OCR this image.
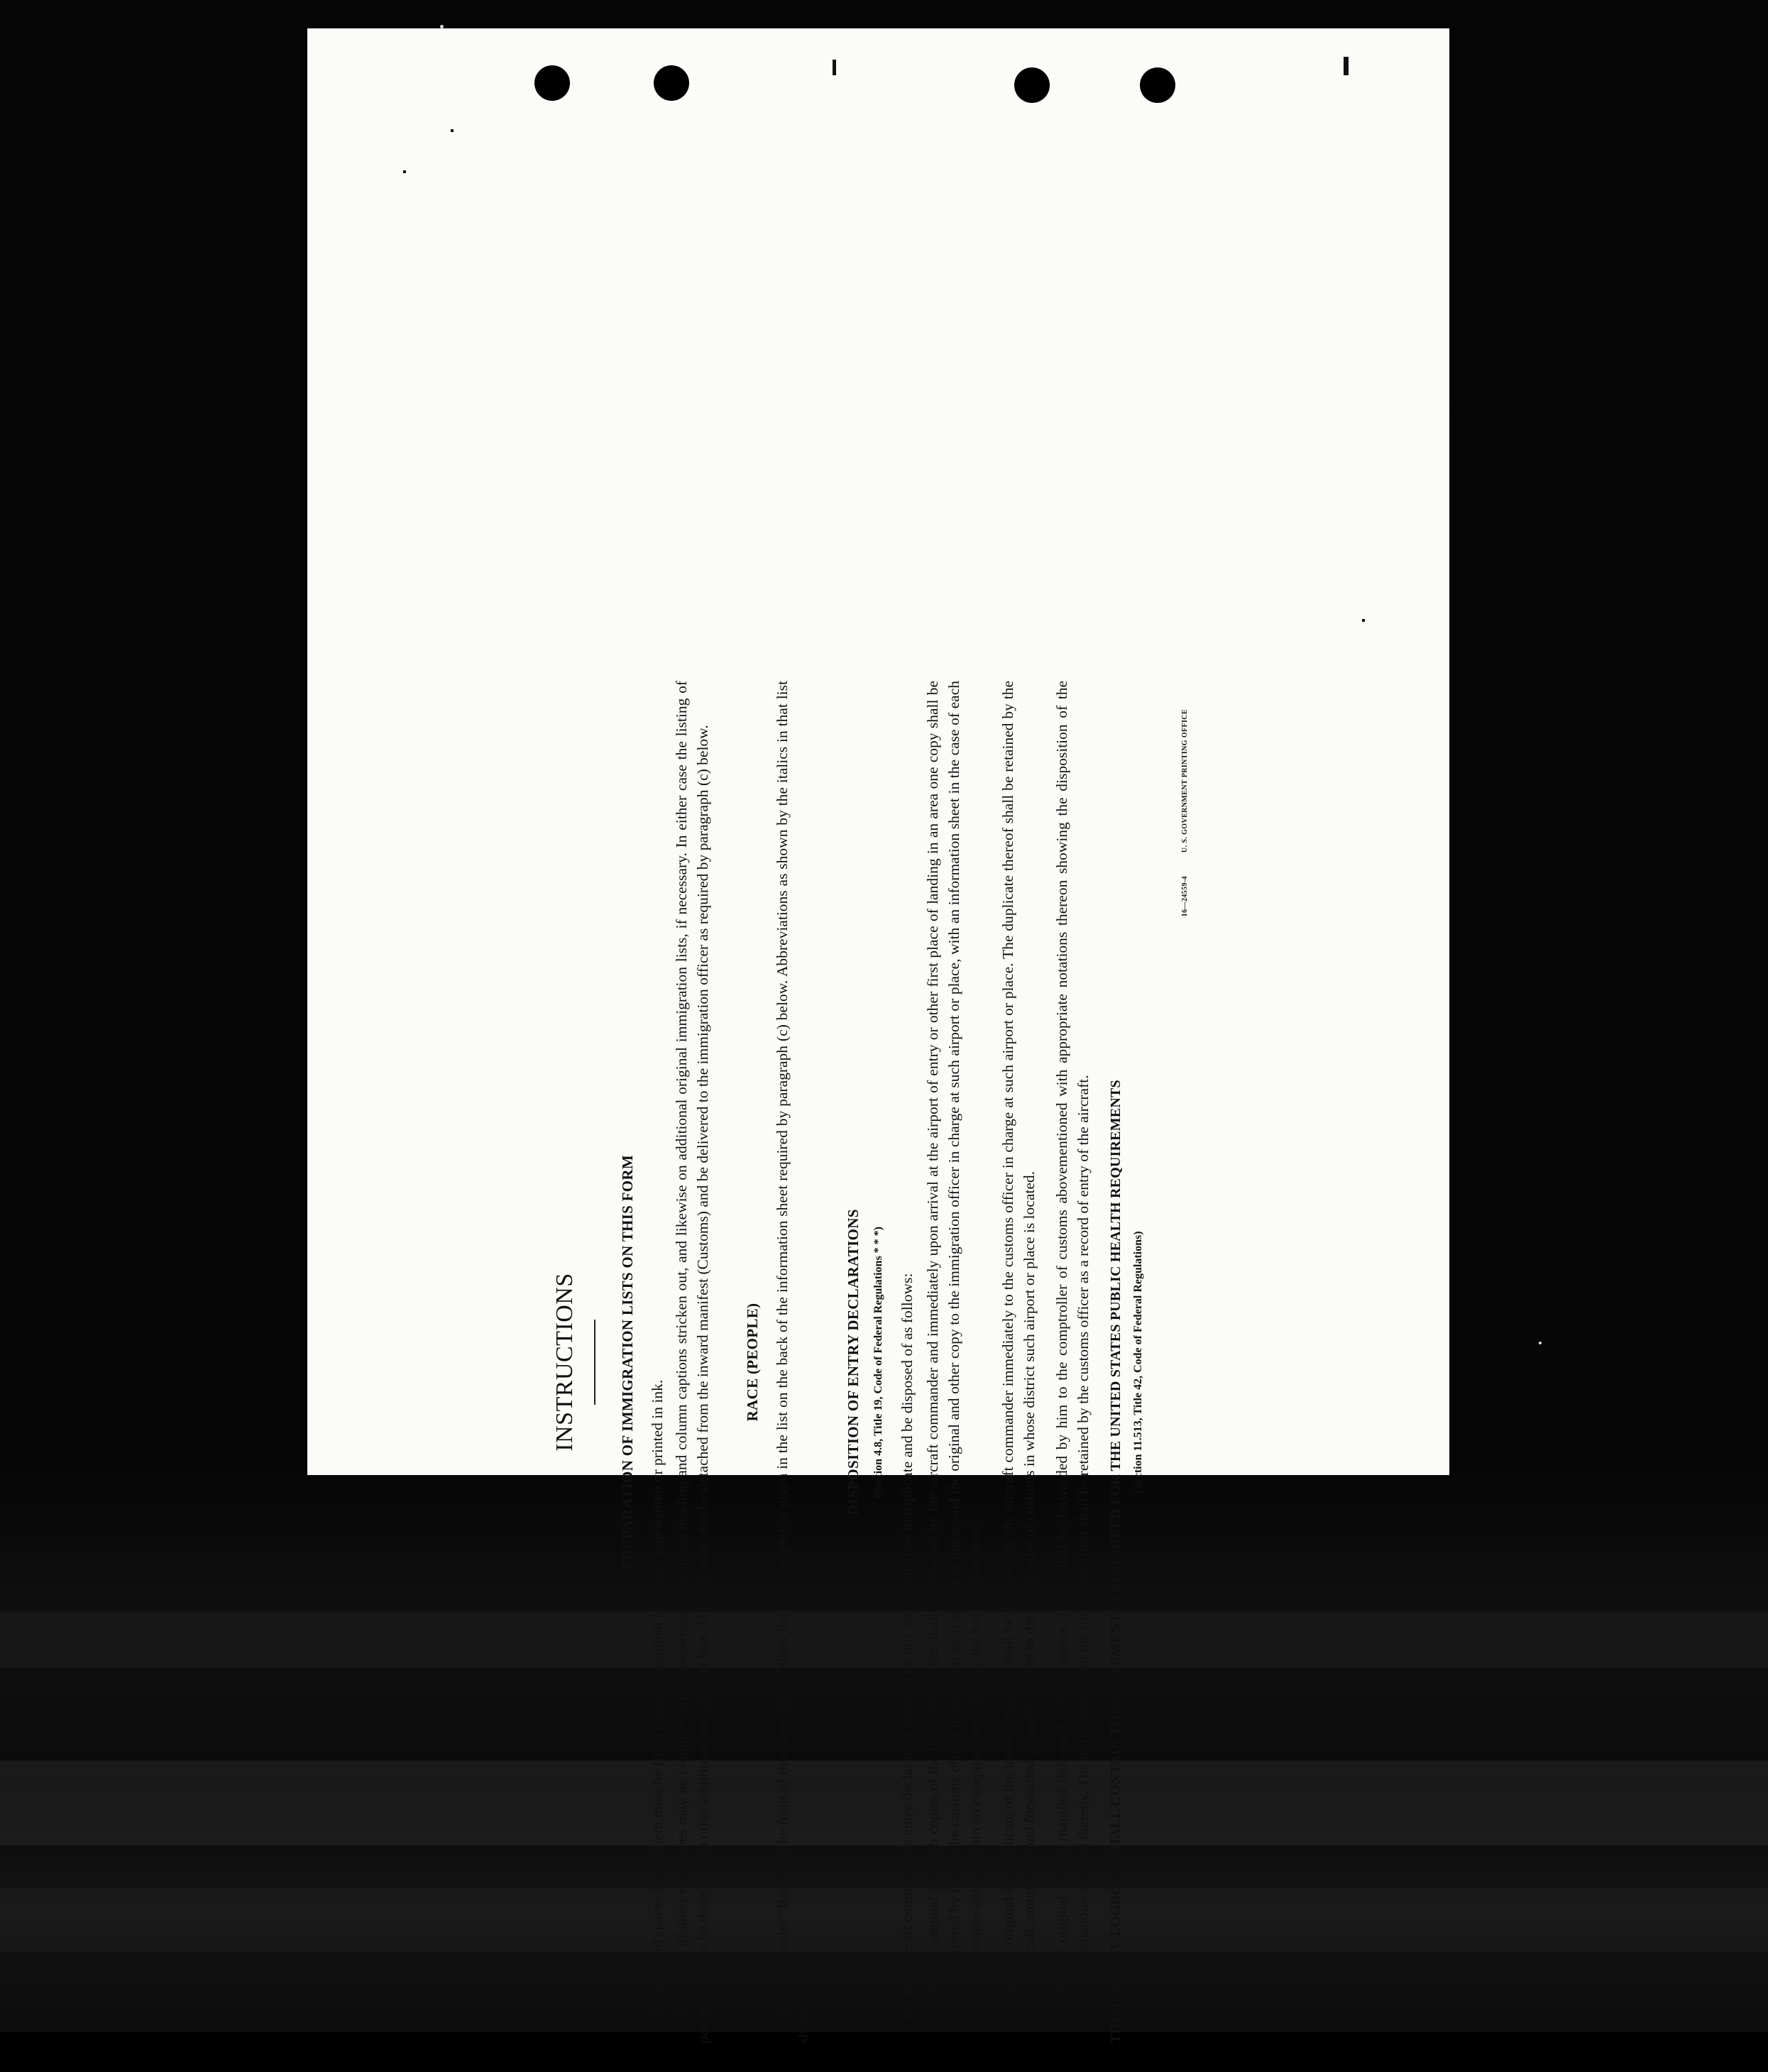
INSTRUCTIONS	PREPARATION OF IMMIGRATION LISTS ON THIS FORM

The lists and spaces above them must be filled out in the English language, typewritten or printed in ink. The listing of alien employees may be continued in the passenger list with its heading and column captions stricken out, and likewise on additional original immigration lists, if necessary. In either case the listing of passengers must be done only on other additional immigration lists. The lists must also be detached from the inward manifest (Customs) and be delivered to the immigration officer as required by paragraph (c) below. RACE (PEOPLE) The entry under “Race” on the front of this sheet should show the race (people) as given in the list on the back of the information sheet required by paragraph (c) below. Abbreviations as shown by the italics in that list should be used.

DISPOSITION OF ENTRY DECLARATIONS (Section 4.8, Title 19, Code of Federal Regulations * * *) (c) The aircraft commander’s entry declaration required by this section shall be in triplicate and be disposed of as follows: (1)
The original and both copies of the immigration lists shall be detached by the aircraft commander and immediately upon arrival at the airport of entry or other first place of landing in an area one copy shall be delivered by him to the customs officer in charge at such airport or place, and the original and other copy to the immigration officer in charge at such airport or place, with an information sheet in the case of each passenger unless within an exception prescribed on the back of that sheet.
(2)
The original and triplicate of the inward manifest shall be delivered by the aircraft commander immediately to the customs officer in charge at such airport or place. The duplicate thereof shall be retained by the aircraft commander and forwarded promptly by him to the comptroller of customs in whose district such airport or place is located.
(3)
The original inward manifest delivered to the customs officer shall be forwarded by him to the comptroller of customs abovementioned with appropriate notations thereon showing the disposition of the merchandise covered thereby. The triplicate copy of the inward manifest shall be retained by the customs officer as a record of entry of the aircraft. THE JOURNEY LOGBOOK SHALL CONTAIN THE STATEMENTS PRESCRIBED FOR THE UNITED STATES PUBLIC HEALTH REQUIREMENTS (Section 11.513, Title 42, Code of Federal Regulations)
16—24559-4 U. S. GOVERNMENT PRINTING OFFICE
